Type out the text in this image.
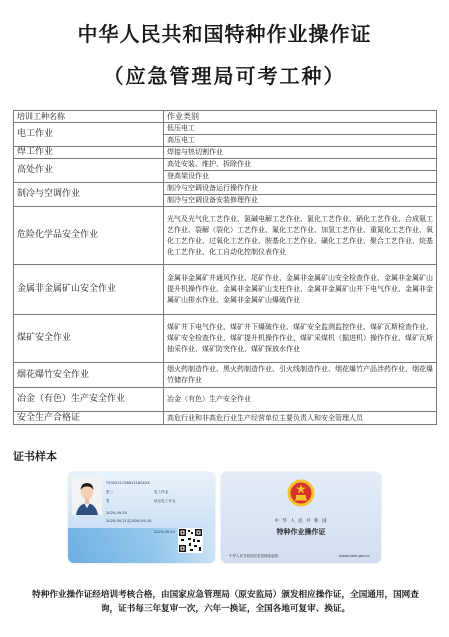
中华人民共和国特种作业操作证
（应急管理局可考工种）
培训工种名称	作业类别
电工作业	低压电工
	高压电工
焊工作业	焊接与热切割作业
高处作业	高处安装、维护、拆除作业
	登高架设作业
制冷与空调作业	制冷与空调设备运行操作作业
	制冷与空调设备安装修理作业
危险化学品安全作业	光气及光气化工艺作业、氯碱电解工艺作业、氯化工艺作业、硝化工艺作业、合成氨工艺作业、裂解（裂化）工艺作业、氟化工艺作业、加氢工艺作业、重氮化工艺作业、氧化工艺作业、过氧化工艺作业、胺基化工艺作业、磺化工艺作业、聚合工艺作业、烷基化工艺作业、化工自动化控制仪表作业
金属非金属矿山安全作业	金属非金属矿井通风作业、尾矿作业、金属非金属矿山安全检查作业、金属非金属矿山提升机操作作业、金属非金属矿山支柱作业、金属非金属矿山井下电气作业、金属非金属矿山排水作业、金属非金属矿山爆破作业
煤矿安全作业	煤矿井下电气作业、煤矿井下爆破作业、煤矿安全监测监控作业、煤矿瓦斯检查作业、煤矿安全检查作业、煤矿提升机操作作业、煤矿采煤机（掘进机）操作作业、煤矿瓦斯抽采作业、煤矿防突作业、煤矿探放水作业
烟花爆竹安全作业	烟火药制造作业、黑火药制造作业、引火线制造作业、烟花爆竹产品涉药作业、烟花爆竹储存作业
冶金（有色）生产安全作业	冶金（有色）生产安全作业
安全生产合格证	高危行业和非高危行业生产经营单位主要负责人和安全管理人员
证书样本
T530221198612180XXX
张三	电工作业
男	低压电工作业
2020-09-20
2020-09-21至2026-09-20
2023-09-20
中 华 人 民 共 和 国
特种作业操作证
中华人民共和国应急管理部监制	www.mem.gov.cn
特种作业操作证经培训考核合格，由国家应急管理局（原安监局）颁发相应操作证，全国通用，国网查询，证书每三年复审一次，六年一换证，全国各地可复审、换证。
